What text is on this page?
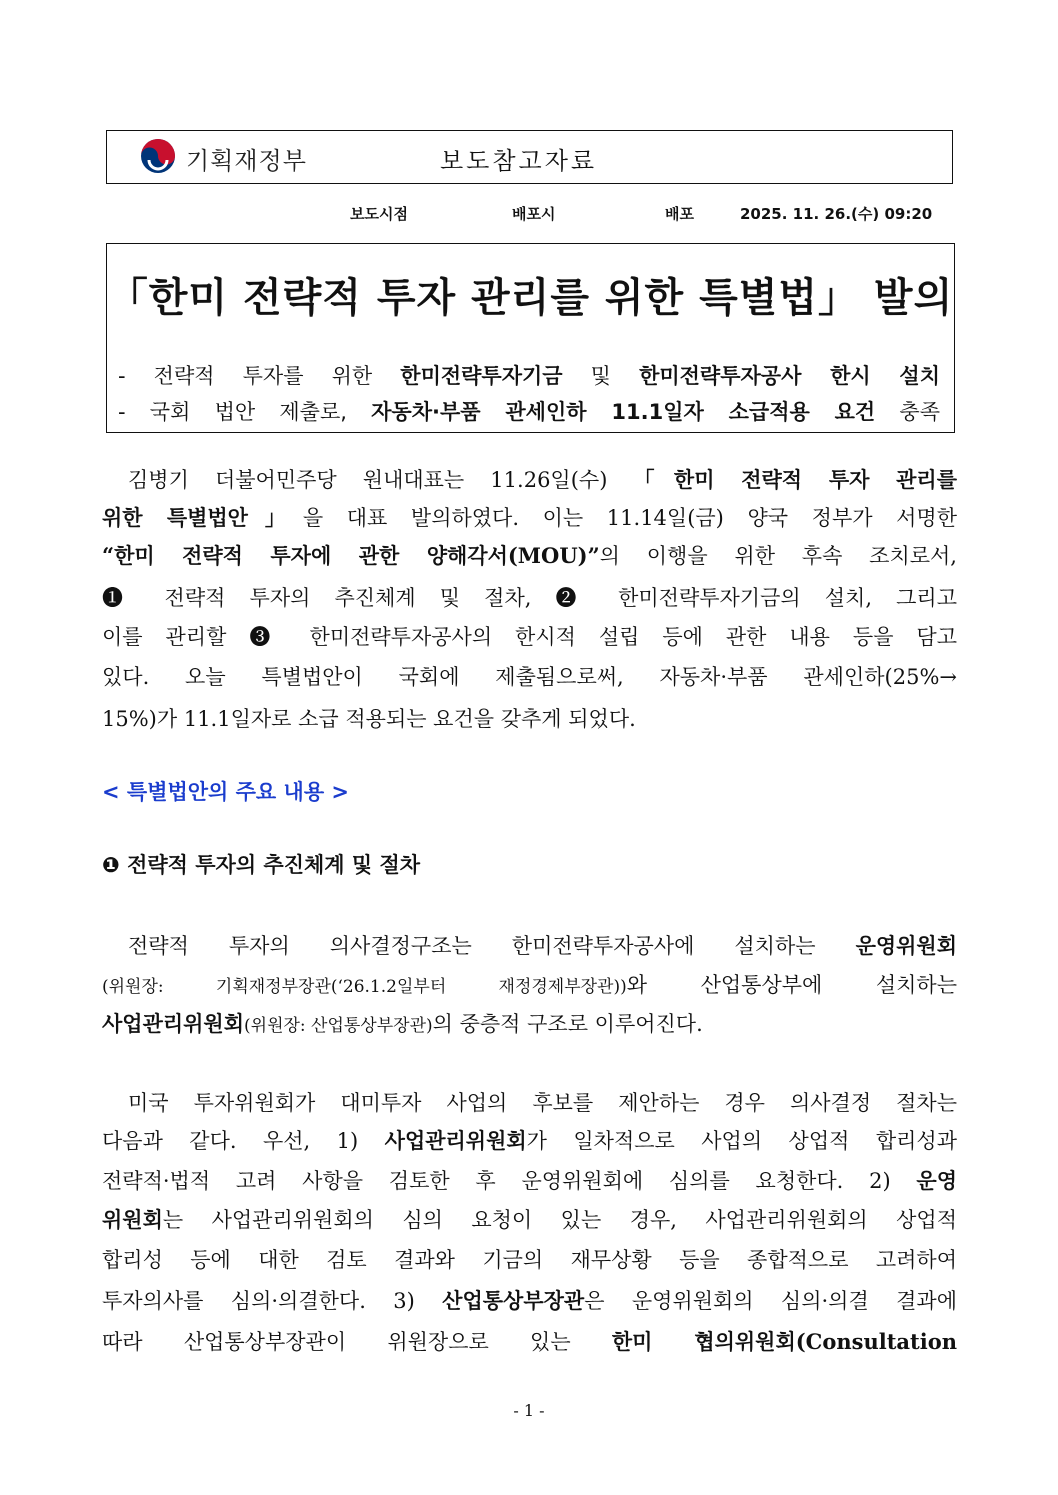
기획재정부	보도참고자료
보도시점	배포시	배포	2025. 11. 26.(수) 09:20
「한미 전략적 투자 관리를 위한 특별법」 발의
- 전략적 투자를 위한 한미전략투자기금 및 한미전략투자공사 한시 설치
- 국회 법안 제출로, 자동차·부품 관세인하 11.1일자 소급적용 요건 충족
김병기 더불어민주당 원내대표는 11.26일(수) 「한미 전략적 투자 관리를
위한 특별법안」을 대표 발의하였다. 이는 11.14일(금) 양국 정부가 서명한
“한미 전략적 투자에 관한 양해각서(MOU)”의 이행을 위한 후속 조치로서,
❶ 전략적 투자의 추진체계 및 절차, ❷ 한미전략투자기금의 설치, 그리고
이를 관리할 ❸ 한미전략투자공사의 한시적 설립 등에 관한 내용 등을 담고
있다. 오늘 특별법안이 국회에 제출됨으로써, 자동차·부품 관세인하(25%→
15%)가 11.1일자로 소급 적용되는 요건을 갖추게 되었다.
< 특별법안의 주요 내용 >
❶ 전략적 투자의 추진체계 및 절차
전략적 투자의 의사결정구조는 한미전략투자공사에 설치하는 운영위원회
(위원장: 기획재정부장관(‘26.1.2일부터 재정경제부장관))와 산업통상부에 설치하는
사업관리위원회(위원장: 산업통상부장관)의 중층적 구조로 이루어진다.
미국 투자위원회가 대미투자 사업의 후보를 제안하는 경우 의사결정 절차는
다음과 같다. 우선, 1) 사업관리위원회가 일차적으로 사업의 상업적 합리성과
전략적·법적 고려 사항을 검토한 후 운영위원회에 심의를 요청한다. 2) 운영
위원회는 사업관리위원회의 심의 요청이 있는 경우, 사업관리위원회의 상업적
합리성 등에 대한 검토 결과와 기금의 재무상황 등을 종합적으로 고려하여
투자의사를 심의·의결한다. 3) 산업통상부장관은 운영위원회의 심의·의결 결과에
따라 산업통상부장관이 위원장으로 있는 한미 협의위원회(Consultation
- 1 -
